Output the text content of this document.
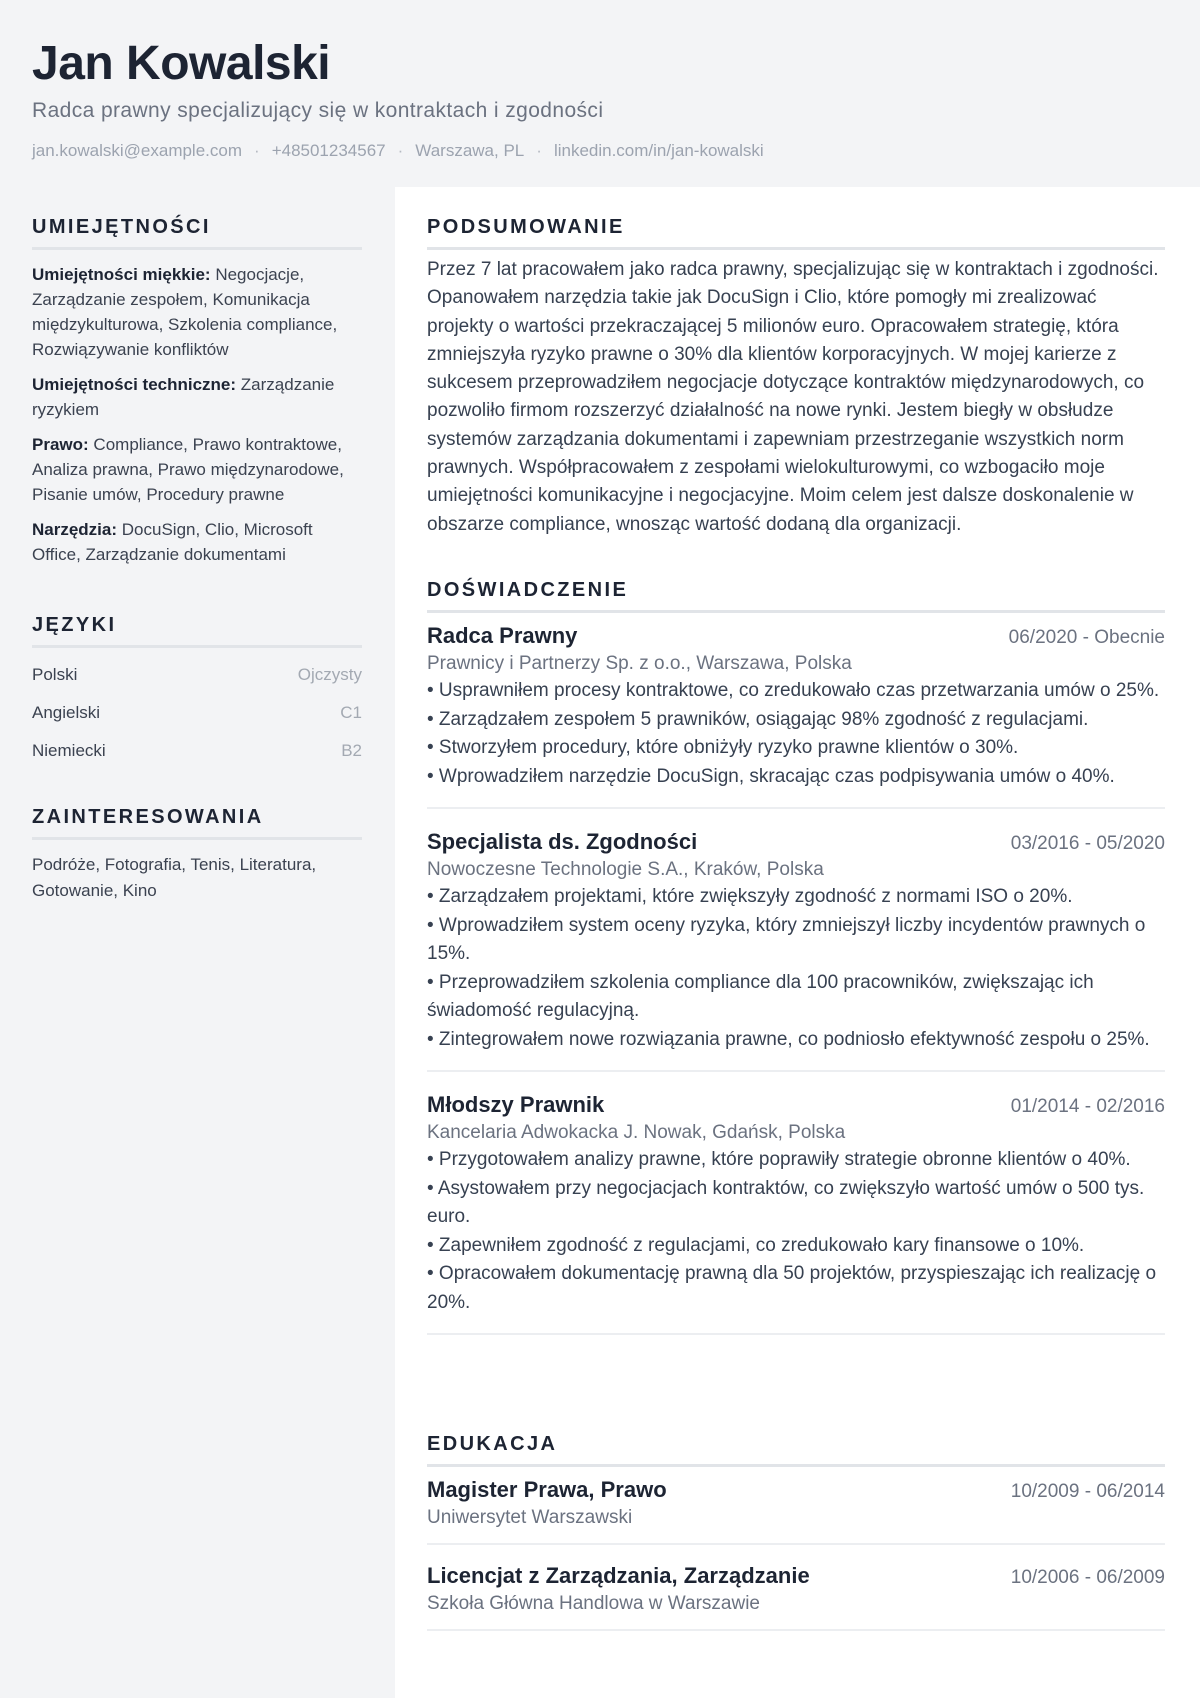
Jan Kowalski
Radca prawny specjalizujący się w kontraktach i zgodności
jan.kowalski@example.com · +48501234567 · Warszawa, PL · linkedin.com/in/jan-kowalski
UMIEJĘTNOŚCI
Umiejętności miękkie: Negocjacje, Zarządzanie zespołem, Komunikacja międzykulturowa, Szkolenia compliance, Rozwiązywanie konfliktów
Umiejętności techniczne: Zarządzanie ryzykiem
Prawo: Compliance, Prawo kontraktowe, Analiza prawna, Prawo międzynarodowe, Pisanie umów, Procedury prawne
Narzędzia: DocuSign, Clio, Microsoft Office, Zarządzanie dokumentami
JĘZYKI
Polski	Ojczysty
Angielski	C1
Niemiecki	B2
ZAINTERESOWANIA
Podróże, Fotografia, Tenis, Literatura, Gotowanie, Kino
PODSUMOWANIE
Przez 7 lat pracowałem jako radca prawny, specjalizując się w kontraktach i zgodności. Opanowałem narzędzia takie jak DocuSign i Clio, które pomogły mi zrealizować projekty o wartości przekraczającej 5 milionów euro. Opracowałem strategię, która zmniejszyła ryzyko prawne o 30% dla klientów korporacyjnych. W mojej karierze z sukcesem przeprowadziłem negocjacje dotyczące kontraktów międzynarodowych, co pozwoliło firmom rozszerzyć działalność na nowe rynki. Jestem biegły w obsłudze systemów zarządzania dokumentami i zapewniam przestrzeganie wszystkich norm prawnych. Współpracowałem z zespołami wielokulturowymi, co wzbogaciło moje umiejętności komunikacyjne i negocjacyjne. Moim celem jest dalsze doskonalenie w obszarze compliance, wnosząc wartość dodaną dla organizacji.
DOŚWIADCZENIE
Radca Prawny	06/2020 - Obecnie
Prawnicy i Partnerzy Sp. z o.o., Warszawa, Polska
• Usprawniłem procesy kontraktowe, co zredukowało czas przetwarzania umów o 25%.
• Zarządzałem zespołem 5 prawników, osiągając 98% zgodność z regulacjami.
• Stworzyłem procedury, które obniżyły ryzyko prawne klientów o 30%.
• Wprowadziłem narzędzie DocuSign, skracając czas podpisywania umów o 40%.
Specjalista ds. Zgodności	03/2016 - 05/2020
Nowoczesne Technologie S.A., Kraków, Polska
• Zarządzałem projektami, które zwiększyły zgodność z normami ISO o 20%.
• Wprowadziłem system oceny ryzyka, który zmniejszył liczby incydentów prawnych o 15%.
• Przeprowadziłem szkolenia compliance dla 100 pracowników, zwiększając ich świadomość regulacyjną.
• Zintegrowałem nowe rozwiązania prawne, co podniosło efektywność zespołu o 25%.
Młodszy Prawnik	01/2014 - 02/2016
Kancelaria Adwokacka J. Nowak, Gdańsk, Polska
• Przygotowałem analizy prawne, które poprawiły strategie obronne klientów o 40%.
• Asystowałem przy negocjacjach kontraktów, co zwiększyło wartość umów o 500 tys. euro.
• Zapewniłem zgodność z regulacjami, co zredukowało kary finansowe o 10%.
• Opracowałem dokumentację prawną dla 50 projektów, przyspieszając ich realizację o 20%.
EDUKACJA
Magister Prawa, Prawo	10/2009 - 06/2014
Uniwersytet Warszawski
Licencjat z Zarządzania, Zarządzanie	10/2006 - 06/2009
Szkoła Główna Handlowa w Warszawie
